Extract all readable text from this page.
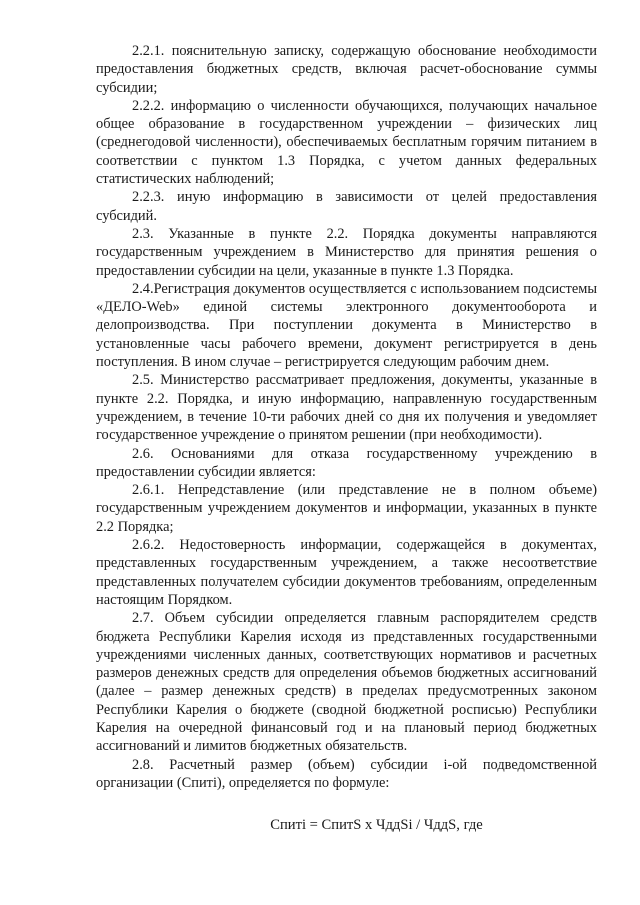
2.2.1. пояснительную записку, содержащую обоснование необходимости предоставления бюджетных средств, включая расчет-обоснование суммы субсидии;

2.2.2. информацию о численности обучающихся, получающих начальное общее образование в государственном учреждении – физических лиц (среднегодовой численности), обеспечиваемых бесплатным горячим питанием в соответствии с пунктом 1.3 Порядка, с учетом данных федеральных статистических наблюдений;

2.2.3. иную информацию в зависимости от целей предоставления субсидий.

2.3. Указанные в пункте 2.2. Порядка документы направляются государственным учреждением в Министерство для принятия решения о предоставлении субсидии на цели, указанные в пункте 1.3 Порядка.

2.4.Регистрация документов осуществляется с использованием подсистемы «ДЕЛО-Web» единой системы электронного документооборота и делопроизводства. При поступлении документа в Министерство в установленные часы рабочего времени, документ регистрируется в день поступления. В ином случае – регистрируется следующим рабочим днем.

2.5. Министерство рассматривает предложения, документы, указанные в пункте 2.2. Порядка, и иную информацию, направленную государственным учреждением, в течение 10-ти рабочих дней со дня их получения и уведомляет государственное учреждение о принятом решении (при необходимости).

2.6. Основаниями для отказа государственному учреждению в предоставлении субсидии является:

2.6.1. Непредставление (или представление не в полном объеме) государственным учреждением документов и информации, указанных в пункте 2.2 Порядка;

2.6.2. Недостоверность информации, содержащейся в документах, представленных государственным учреждением, а также несоответствие представленных получателем субсидии документов требованиям, определенным настоящим Порядком.

2.7. Объем субсидии определяется главным распорядителем средств бюджета Республики Карелия исходя из представленных государственными учреждениями численных данных, соответствующих нормативов и расчетных размеров денежных средств для определения объемов бюджетных ассигнований (далее – размер денежных средств) в пределах предусмотренных законом Республики Карелия о бюджете (сводной бюджетной росписью) Республики Карелия на очередной финансовый год и на плановый период бюджетных ассигнований и лимитов бюджетных обязательств.

2.8. Расчетный размер (объем) субсидии i-ой подведомственной организации (Спитi), определяется по формуле:

Спитi = СпитS x ЧддSi / ЧддS, где
